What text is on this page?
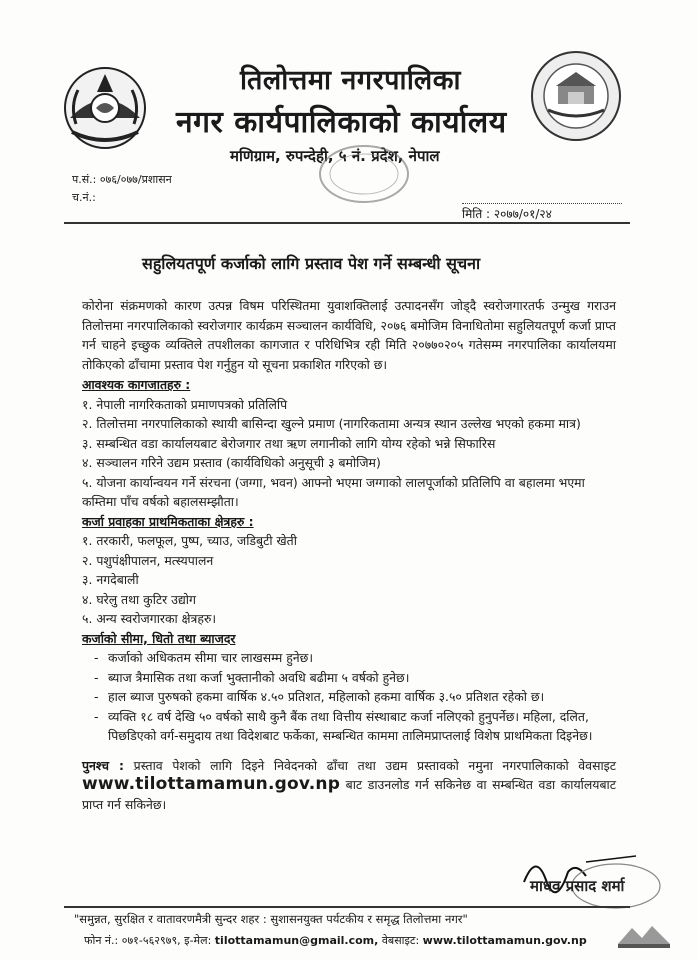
तिलोत्तमा नगरपालिका
नगर कार्यपालिकाको कार्यालय
मणिग्राम, रुपन्देही, ५ नं. प्रदेश, नेपाल
प.सं.: ०७६/०७७/प्रशासन
च.नं.:
मिति : २०७७/०१/२४
सहुलियतपूर्ण कर्जाको लागि प्रस्ताव पेश गर्ने सम्बन्धी सूचना

कोरोना संक्रमणको कारण उत्पन्न विषम परिस्थितमा युवाशक्तिलाई उत्पादनसँग जोड्दै स्वरोजगारतर्फ उन्मुख गराउन तिलोत्तमा नगरपालिकाको स्वरोजगार कार्यक्रम सञ्चालन कार्यविधि, २०७६ बमोजिम विनाधितोमा सहुलियतपूर्ण कर्जा प्राप्त गर्न चाहने इच्छुक व्यक्तिले तपशीलका कागजात र परिधिभित्र रही मिति २०७७०२०५ गतेसम्म नगरपालिका कार्यालयमा तोकिएको ढाँचामा प्रस्ताव पेश गर्नुहुन यो सूचना प्रकाशित गरिएको छ।

आवश्यक कागजातहरु :
१. नेपाली नागरिकताको प्रमाणपत्रको प्रतिलिपि
२. तिलोत्तमा नगरपालिकाको स्थायी बासिन्दा खुल्ने प्रमाण (नागरिकतामा अन्यत्र स्थान उल्लेख भएको हकमा मात्र)
३. सम्बन्धित वडा कार्यालयबाट बेरोजगार तथा ऋण लगानीको लागि योग्य रहेको भन्ने सिफारिस
४. सञ्चालन गरिने उद्यम प्रस्ताव (कार्यविधिको अनुसूची ३ बमोजिम)
५. योजना कार्यान्वयन गर्ने संरचना (जग्गा, भवन) आफ्नो भएमा जग्गाको लालपूर्जाको प्रतिलिपि वा बहालमा भएमा कम्तिमा पाँच वर्षको बहालसम्झौता।
कर्जा प्रवाहका प्राथमिकताका क्षेत्रहरु :
१. तरकारी, फलफूल, पुष्प, च्याउ, जडिबुटी खेती
२. पशुपंक्षीपालन, मत्स्यपालन
३. नगदेबाली
४. घरेलु तथा कुटिर उद्योग
५. अन्य स्वरोजगारका क्षेत्रहरु।
कर्जाको सीमा, धितो तथा ब्याजदर
- कर्जाको अधिकतम सीमा चार लाखसम्म हुनेछ।
- ब्याज त्रैमासिक तथा कर्जा भुक्तानीको अवधि बढीमा ५ वर्षको हुनेछ।
- हाल ब्याज पुरुषको हकमा वार्षिक ४.५० प्रतिशत, महिलाको हकमा वार्षिक ३.५० प्रतिशत रहेको छ।
- व्यक्ति १८ वर्ष देखि ५० वर्षको साथै कुनै बैंक तथा वित्तीय संस्थाबाट कर्जा नलिएको हुनुपर्नेछ। महिला, दलित, पिछडिएको वर्ग-समुदाय तथा विदेशबाट फर्केका, सम्बन्धित काममा तालिमप्राप्तलाई विशेष प्राथमिकता दिइनेछ।

पुनश्च : प्रस्ताव पेशको लागि दिइने निवेदनको ढाँचा तथा उद्यम प्रस्तावको नमुना नगरपालिकाको वेवसाइट www.tilottamamun.gov.np बाट डाउनलोड गर्न सकिनेछ वा सम्बन्धित वडा कार्यालयबाट प्राप्त गर्न सकिनेछ।

माधव प्रसाद शर्मा
"समुन्नत, सुरक्षित र वातावरणमैत्री सुन्दर शहर : सुशासनयुक्त पर्यटकीय र समृद्ध तिलोत्तमा नगर"
फोन नं.: ०७१-५६२९७९, इ-मेल: tilottamamun@gmail.com, वेबसाइट: www.tilottamamun.gov.np
